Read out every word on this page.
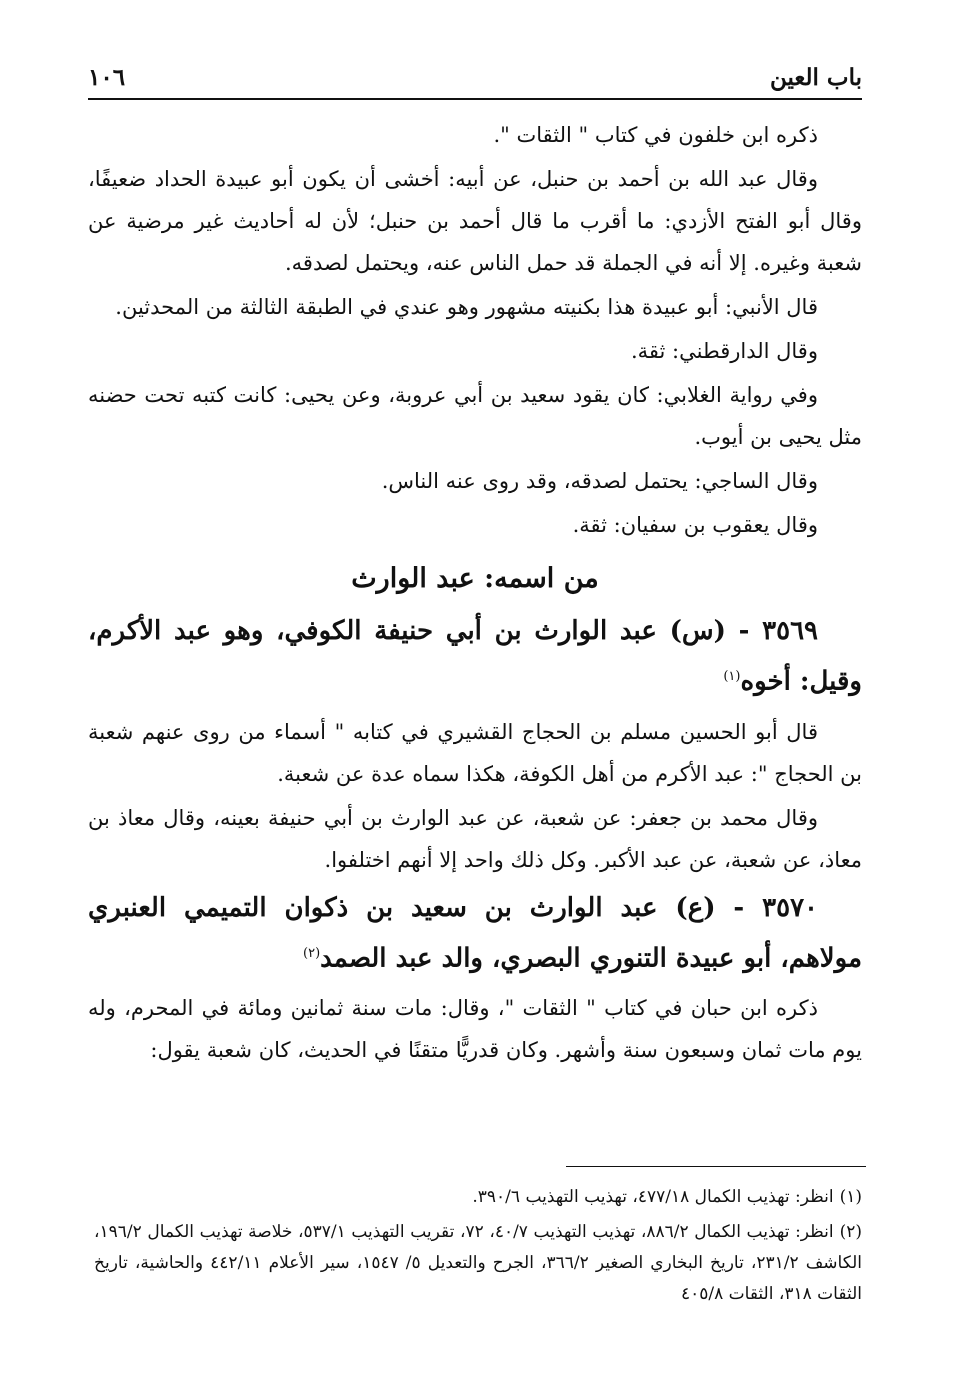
باب العين
١٠٦

ذكره ابن خلفون في كتاب " الثقات ".

وقال عبد الله بن أحمد بن حنبل، عن أبيه: أخشى أن يكون أبو عبيدة الحداد ضعيفًا، وقال أبو الفتح الأزدي: ما أقرب ما قال أحمد بن حنبل؛ لأن له أحاديث غير مرضية عن شعبة وغيره. إلا أنه في الجملة قد حمل الناس عنه، ويحتمل لصدقه.

قال الأنبي: أبو عبيدة هذا بكنيته مشهور وهو عندي في الطبقة الثالثة من المحدثين.

وقال الدارقطني: ثقة.

وفي رواية الغلابي: كان يقود سعيد بن أبي عروبة، وعن يحيى: كانت كتبه تحت حضنه مثل يحيى بن أيوب.

وقال الساجي: يحتمل لصدقه، وقد روى عنه الناس.

وقال يعقوب بن سفيان: ثقة.

من اسمه: عبد الوارث
٣٥٦٩ - (س) عبد الوارث بن أبي حنيفة الكوفي، وهو عبد الأكرم، وقيل: أخوه$^{(١)}$

قال أبو الحسين مسلم بن الحجاج القشيري في كتابه " أسماء من روى عنهم شعبة بن الحجاج ": عبد الأكرم من أهل الكوفة، هكذا سماه عدة عن شعبة.

وقال محمد بن جعفر: عن شعبة، عن عبد الوارث بن أبي حنيفة بعينه، وقال معاذ بن معاذ، عن شعبة، عن عبد الأكبر. وكل ذلك واحد إلا أنهم اختلفوا.

٣٥٧٠ - (ع) عبد الوارث بن سعيد بن ذكوان التميمي العنبري مولاهم، أبو عبيدة التنوري البصري، والد عبد الصمد$^{(٢)}$

ذكره ابن حبان في كتاب " الثقات "، وقال: مات سنة ثمانين ومائة في المحرم، وله يوم مات ثمان وسبعون سنة وأشهر. وكان قدريًّا متقنًا في الحديث، كان شعبة يقول:

(١)انظر: تهذيب الكمال ٤٧٧/١٨، تهذيب التهذيب ٣٩٠/٦.

(٢)انظر: تهذيب الكمال ٨٨٦/٢، تهذيب التهذيب ٤٠/٧، ٧٢، تقريب التهذيب ٥٣٧/١، خلاصة تهذيب الكمال ١٩٦/٢، الكاشف ٢٣١/٢، تاريخ البخاري الصغير ٣٦٦/٢، الجرح والتعديل ٥/ ١٥٤٧، سير الأعلام ٤٤٢/١١ والحاشية، تاريخ الثقات ٣١٨، الثقات ٤٠٥/٨
